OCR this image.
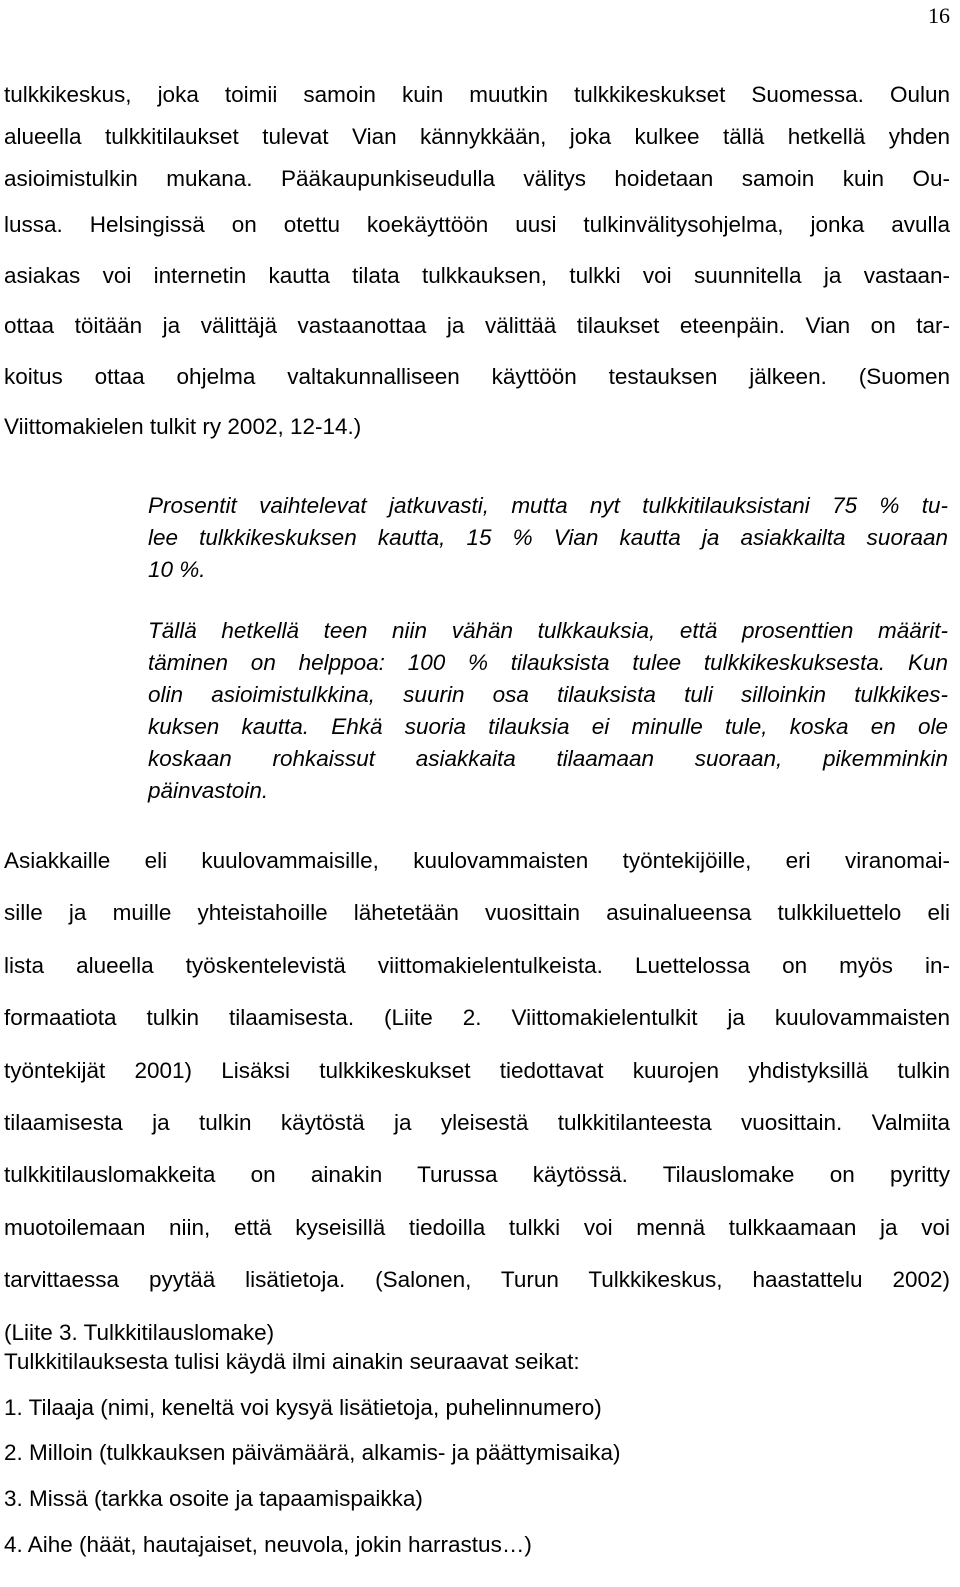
16
tulkkikeskus, joka toimii samoin kuin muutkin tulkkikeskukset Suomessa. Oulun
alueella tulkkitilaukset tulevat Vian kännykkään, joka kulkee tällä hetkellä yhden
asioimistulkin mukana. Pääkaupunkiseudulla välitys hoidetaan samoin kuin Ou-
lussa. Helsingissä on otettu koekäyttöön uusi tulkinvälitysohjelma, jonka avulla
asiakas voi internetin kautta tilata tulkkauksen, tulkki voi suunnitella ja vastaan-
ottaa töitään ja välittäjä vastaanottaa ja välittää tilaukset eteenpäin. Vian on tar-
koitus ottaa ohjelma valtakunnalliseen käyttöön testauksen jälkeen. (Suomen
Viittomakielen tulkit ry 2002, 12-14.)
Prosentit vaihtelevat jatkuvasti, mutta nyt tulkkitilauksistani 75 % tu-
lee tulkkikeskuksen kautta, 15 % Vian kautta ja asiakkailta suoraan
10 %.
Tällä hetkellä teen niin vähän tulkkauksia, että prosenttien määrit-
täminen on helppoa: 100 % tilauksista tulee tulkkikeskuksesta. Kun
olin asioimistulkkina, suurin osa tilauksista tuli silloinkin tulkkikes-
kuksen kautta. Ehkä suoria tilauksia ei minulle tule, koska en ole
koskaan rohkaissut asiakkaita tilaamaan suoraan, pikemminkin
päinvastoin.
Asiakkaille eli kuulovammaisille, kuulovammaisten työntekijöille, eri viranomai-
sille ja muille yhteistahoille lähetetään vuosittain asuinalueensa tulkkiluettelo eli
lista alueella työskentelevistä viittomakielentulkeista. Luettelossa on myös in-
formaatiota tulkin tilaamisesta. (Liite 2. Viittomakielentulkit ja kuulovammaisten
työntekijät 2001) Lisäksi tulkkikeskukset tiedottavat kuurojen yhdistyksillä tulkin
tilaamisesta ja tulkin käytöstä ja yleisestä tulkkitilanteesta vuosittain. Valmiita
tulkkitilauslomakkeita on ainakin Turussa käytössä. Tilauslomake on pyritty
muotoilemaan niin, että kyseisillä tiedoilla tulkki voi mennä tulkkaamaan ja voi
tarvittaessa pyytää lisätietoja. (Salonen, Turun Tulkkikeskus, haastattelu 2002)
(Liite 3. Tulkkitilauslomake)
Tulkkitilauksesta tulisi käydä ilmi ainakin seuraavat seikat:
1. Tilaaja (nimi, keneltä voi kysyä lisätietoja, puhelinnumero)
2. Milloin (tulkkauksen päivämäärä, alkamis- ja päättymisaika)
3. Missä (tarkka osoite ja tapaamispaikka)
4. Aihe (häät, hautajaiset, neuvola, jokin harrastus…)
